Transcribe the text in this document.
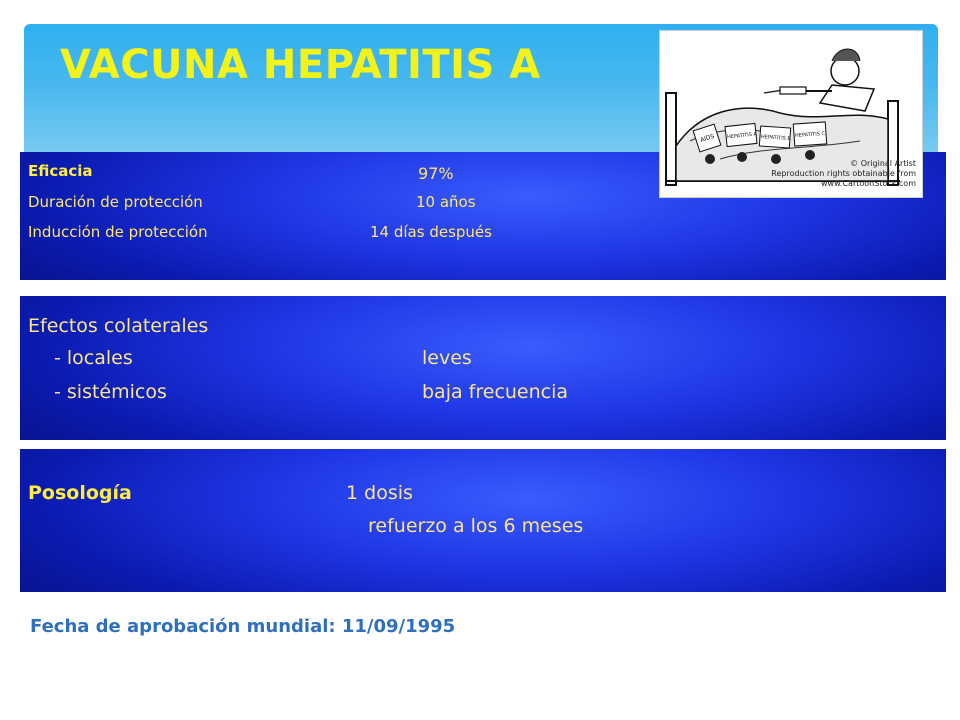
VACUNA HEPATITIS A
Eficacia	97%
Duración de protección	10 años
Inducción de protección	14 días después
Efectos colaterales
- locales	leves
- sistémicos	baja frecuencia
Posología	1 dosis
refuerzo a los 6 meses
Fecha de aprobación mundial: 11/09/1995
AIDS HEPATITIS A HEPATITIS B HEPATITIS C
© Original Artist
Reproduction rights obtainable from
www.CartoonStock.com
